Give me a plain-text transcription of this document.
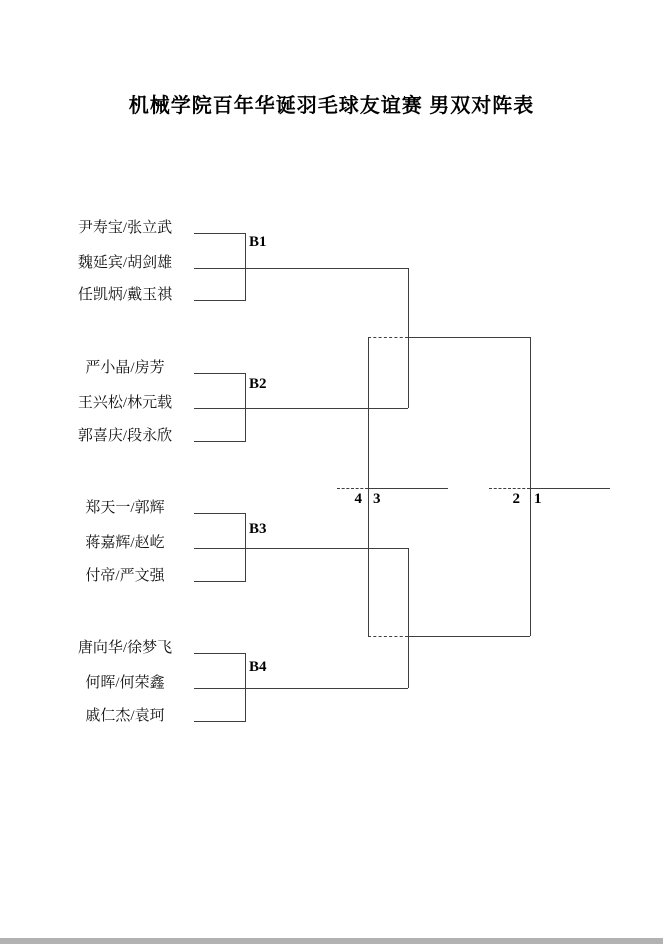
机械学院百年华诞羽毛球友谊赛 男双对阵表
尹寿宝/张立武
魏延宾/胡剑雄
任凯炳/戴玉祺
严小晶/房芳
王兴松/林元载
郭喜庆/段永欣
郑天一/郭辉
蒋嘉辉/赵屹
付帝/严文强
唐向华/徐梦飞
何晖/何荣鑫
戚仁杰/袁珂
B1
B2
B3
B4
4 3	2 1
